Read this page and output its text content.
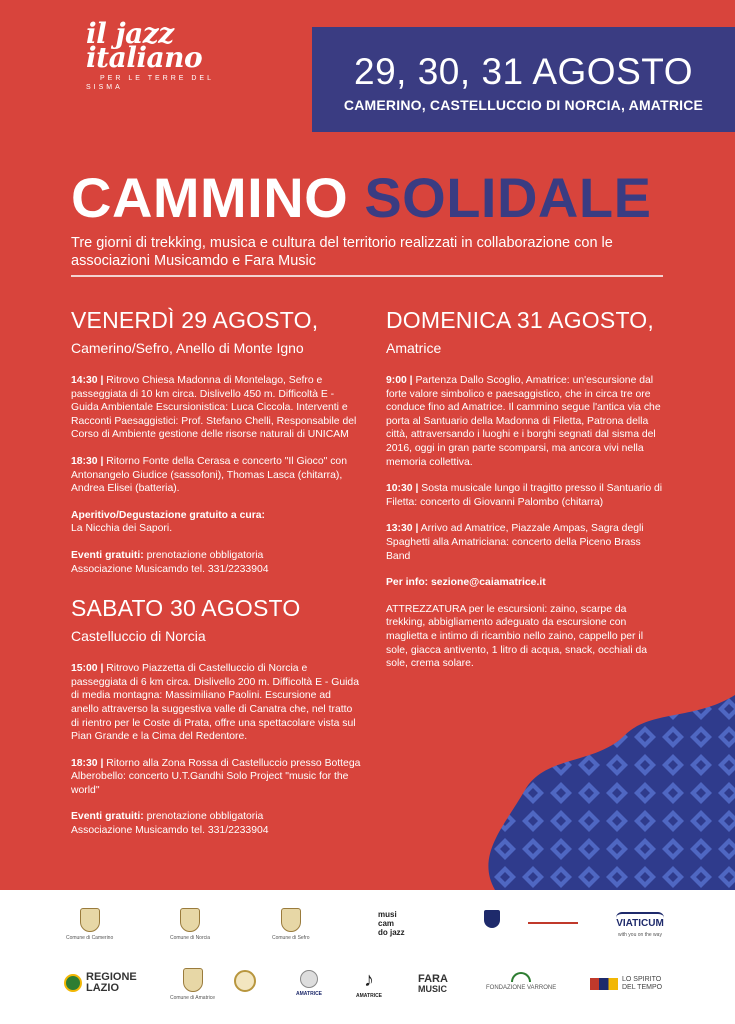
il jazz
italiano
PER LE TERRE DEL
SISMA	29, 30, 31 AGOSTO
CAMERINO, CASTELLUCCIO DI NORCIA, AMATRICE
CAMMINO SOLIDALE
Tre giorni di trekking, musica e cultura del territorio realizzati in collaborazione con le associazioni Musicamdo e Fara Music
VENERDÌ 29 AGOSTO,
Camerino/Sefro, Anello di Monte Igno
14:30 | Ritrovo Chiesa Madonna di Montelago, Sefro e passeggiata di 10 km circa. Dislivello 450 m. Difficoltà E - Guida Ambientale Escursionistica: Luca Ciccola. Interventi e Racconti Paesaggistici: Prof. Stefano Chelli, Responsabile del Corso di Ambiente gestione delle risorse naturali di UNICAM
18:30 | Ritorno Fonte della Cerasa e concerto "Il Gioco" con Antonangelo Giudice (sassofoni), Thomas Lasca (chitarra), Andrea Elisei (batteria).
Aperitivo/Degustazione gratuito a cura:
La Nicchia dei Sapori.
Eventi gratuiti: prenotazione obbligatoria
Associazione Musicamdo tel. 331/2233904
SABATO 30 AGOSTO
Castelluccio di Norcia
15:00 | Ritrovo Piazzetta di Castelluccio di Norcia e passeggiata di 6 km circa. Dislivello 200 m. Difficoltà E - Guida di media montagna: Massimiliano Paolini. Escursione ad anello attraverso la suggestiva valle di Canatra che, nel tratto di rientro per le Coste di Prata, offre una spettacolare vista sul Pian Grande e la Cima del Redentore.
18:30 | Ritorno alla Zona Rossa di Castelluccio presso Bottega Alberobello: concerto U.T.Gandhi Solo Project "music for the world"
Eventi gratuiti: prenotazione obbligatoria
Associazione Musicamdo tel. 331/2233904
DOMENICA 31 AGOSTO,
Amatrice
9:00 | Partenza Dallo Scoglio, Amatrice: un'escursione dal forte valore simbolico e paesaggistico, che in circa tre ore conduce fino ad Amatrice. Il cammino segue l'antica via che porta al Santuario della Madonna di Filetta, Patrona della città, attraversando i luoghi e i borghi segnati dal sisma del 2016, oggi in gran parte scomparsi, ma ancora vivi nella memoria collettiva.
10:30 | Sosta musicale lungo il tragitto presso il Santuario di Filetta: concerto di Giovanni Palombo (chitarra)
13:30 | Arrivo ad Amatrice, Piazzale Ampas, Sagra degli Spaghetti alla Amatriciana: concerto della Piceno Brass Band
Per info: sezione@caiamatrice.it
ATTREZZATURA per le escursioni: zaino, scarpe da trekking, abbigliamento adeguato da escursione con maglietta e intimo di ricambio nello zaino, cappello per il sole, giacca antivento, 1 litro di acqua, snack, occhiali da sole, crema solare.
Comune di Camerino	Comune di Norcia	Comune di Sefro
musi
cam
do jazz
VIATICUM
with you on the way
REGIONE LAZIO
Comune di Amatrice
AMATRICE
♪
AMATRICE
FARA
MUSIC	FONDAZIONE VARRONE
LO SPIRITO DEL TEMPO
